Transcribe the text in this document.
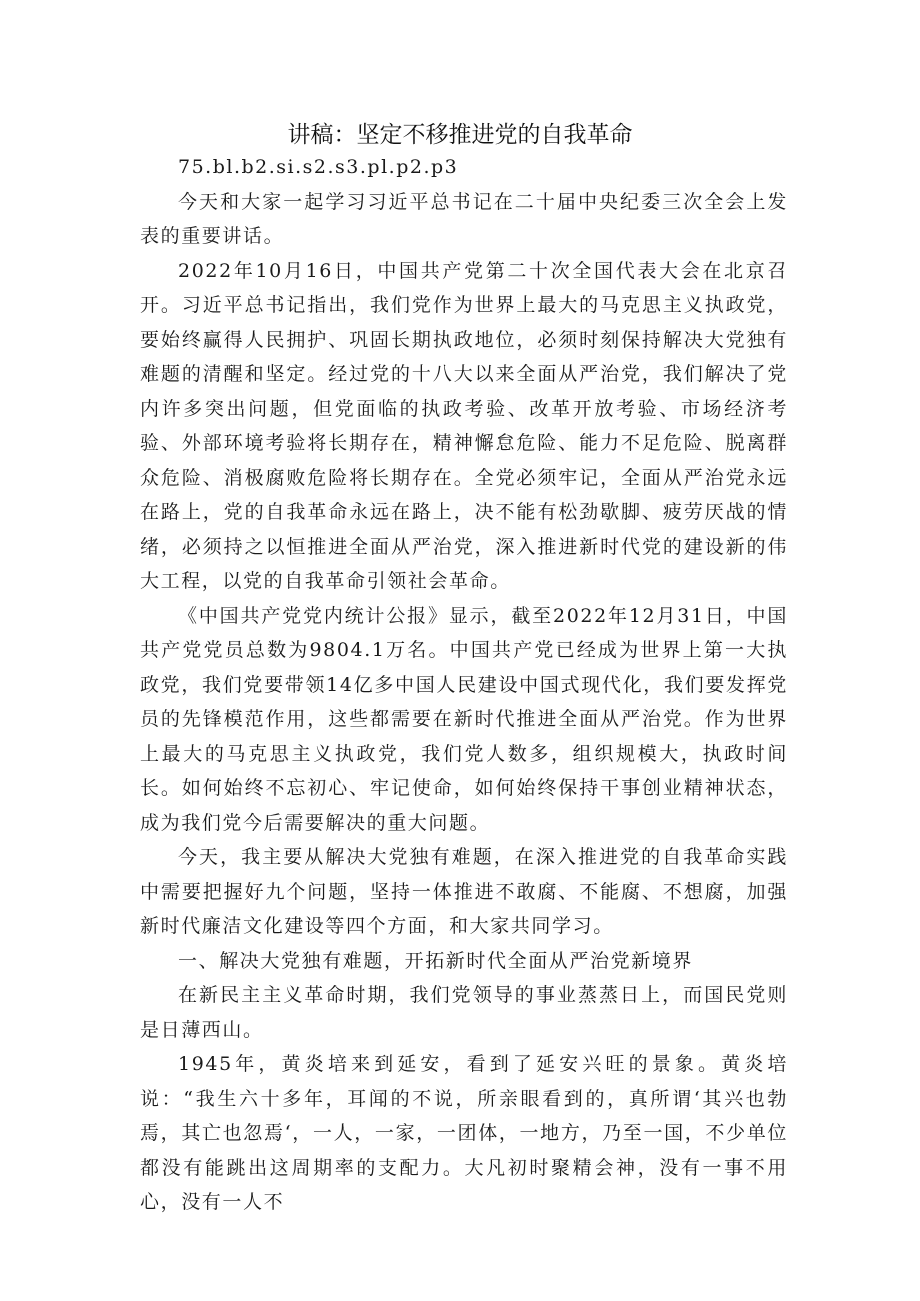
讲稿：坚定不移推进党的自我革命

75.bl.b2.si.s2.s3.pl.p2.p3

今天和大家一起学习习近平总书记在二十届中央纪委三次全会上发表的重要讲话。

2022年10月16日，中国共产党第二十次全国代表大会在北京召开。习近平总书记指出，我们党作为世界上最大的马克思主义执政党，要始终赢得人民拥护、巩固长期执政地位，必须时刻保持解决大党独有难题的清醒和坚定。经过党的十八大以来全面从严治党，我们解决了党内许多突出问题，但党面临的执政考验、改革开放考验、市场经济考验、外部环境考验将长期存在，精神懈怠危险、能力不足危险、脱离群众危险、消极腐败危险将长期存在。全党必须牢记，全面从严治党永远在路上，党的自我革命永远在路上，决不能有松劲歇脚、疲劳厌战的情绪，必须持之以恒推进全面从严治党，深入推进新时代党的建设新的伟大工程，以党的自我革命引领社会革命。

《中国共产党党内统计公报》显示，截至2022年12月31日，中国共产党党员总数为9804.1万名。中国共产党已经成为世界上第一大执政党，我们党要带领14亿多中国人民建设中国式现代化，我们要发挥党员的先锋模范作用，这些都需要在新时代推进全面从严治党。作为世界上最大的马克思主义执政党，我们党人数多，组织规模大，执政时间长。如何始终不忘初心、牢记使命，如何始终保持干事创业精神状态，成为我们党今后需要解决的重大问题。

今天，我主要从解决大党独有难题，在深入推进党的自我革命实践中需要把握好九个问题，坚持一体推进不敢腐、不能腐、不想腐，加强新时代廉洁文化建设等四个方面，和大家共同学习。

一、解决大党独有难题，开拓新时代全面从严治党新境界

在新民主主义革命时期，我们党领导的事业蒸蒸日上，而国民党则是日薄西山。

1945年，黄炎培来到延安，看到了延安兴旺的景象。黄炎培说：“我生六十多年，耳闻的不说，所亲眼看到的，真所谓‘其兴也勃焉，其亡也忽焉‘，一人，一家，一团体，一地方，乃至一国，不少单位都没有能跳出这周期率的支配力。大凡初时聚精会神，没有一事不用心，没有一人不
